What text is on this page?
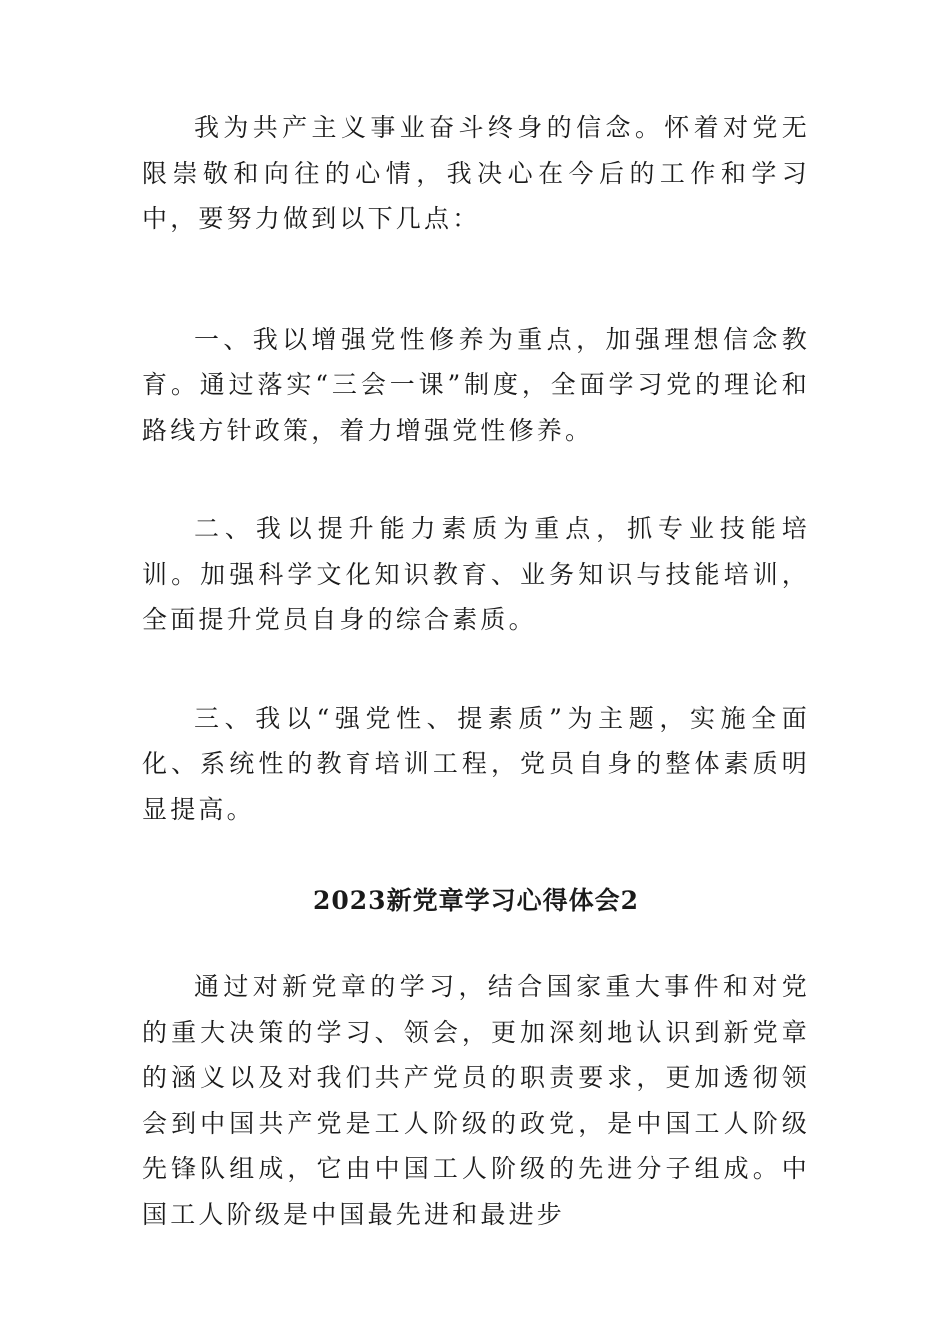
我为共产主义事业奋斗终身的信念。怀着对党无限崇敬和向往的心情，我决心在今后的工作和学习中，要努力做到以下几点：

一、我以增强党性修养为重点，加强理想信念教育。通过落实“三会一课”制度，全面学习党的理论和路线方针政策，着力增强党性修养。

二、我以提升能力素质为重点，抓专业技能培训。加强科学文化知识教育、业务知识与技能培训，全面提升党员自身的综合素质。

三、我以“强党性、提素质”为主题，实施全面化、系统性的教育培训工程，党员自身的整体素质明显提高。

2023新党章学习心得体会2

通过对新党章的学习，结合国家重大事件和对党的重大决策的学习、领会，更加深刻地认识到新党章的涵义以及对我们共产党员的职责要求，更加透彻领会到中国共产党是工人阶级的政党，是中国工人阶级先锋队组成，它由中国工人阶级的先进分子组成。中国工人阶级是中国最先进和最进步
